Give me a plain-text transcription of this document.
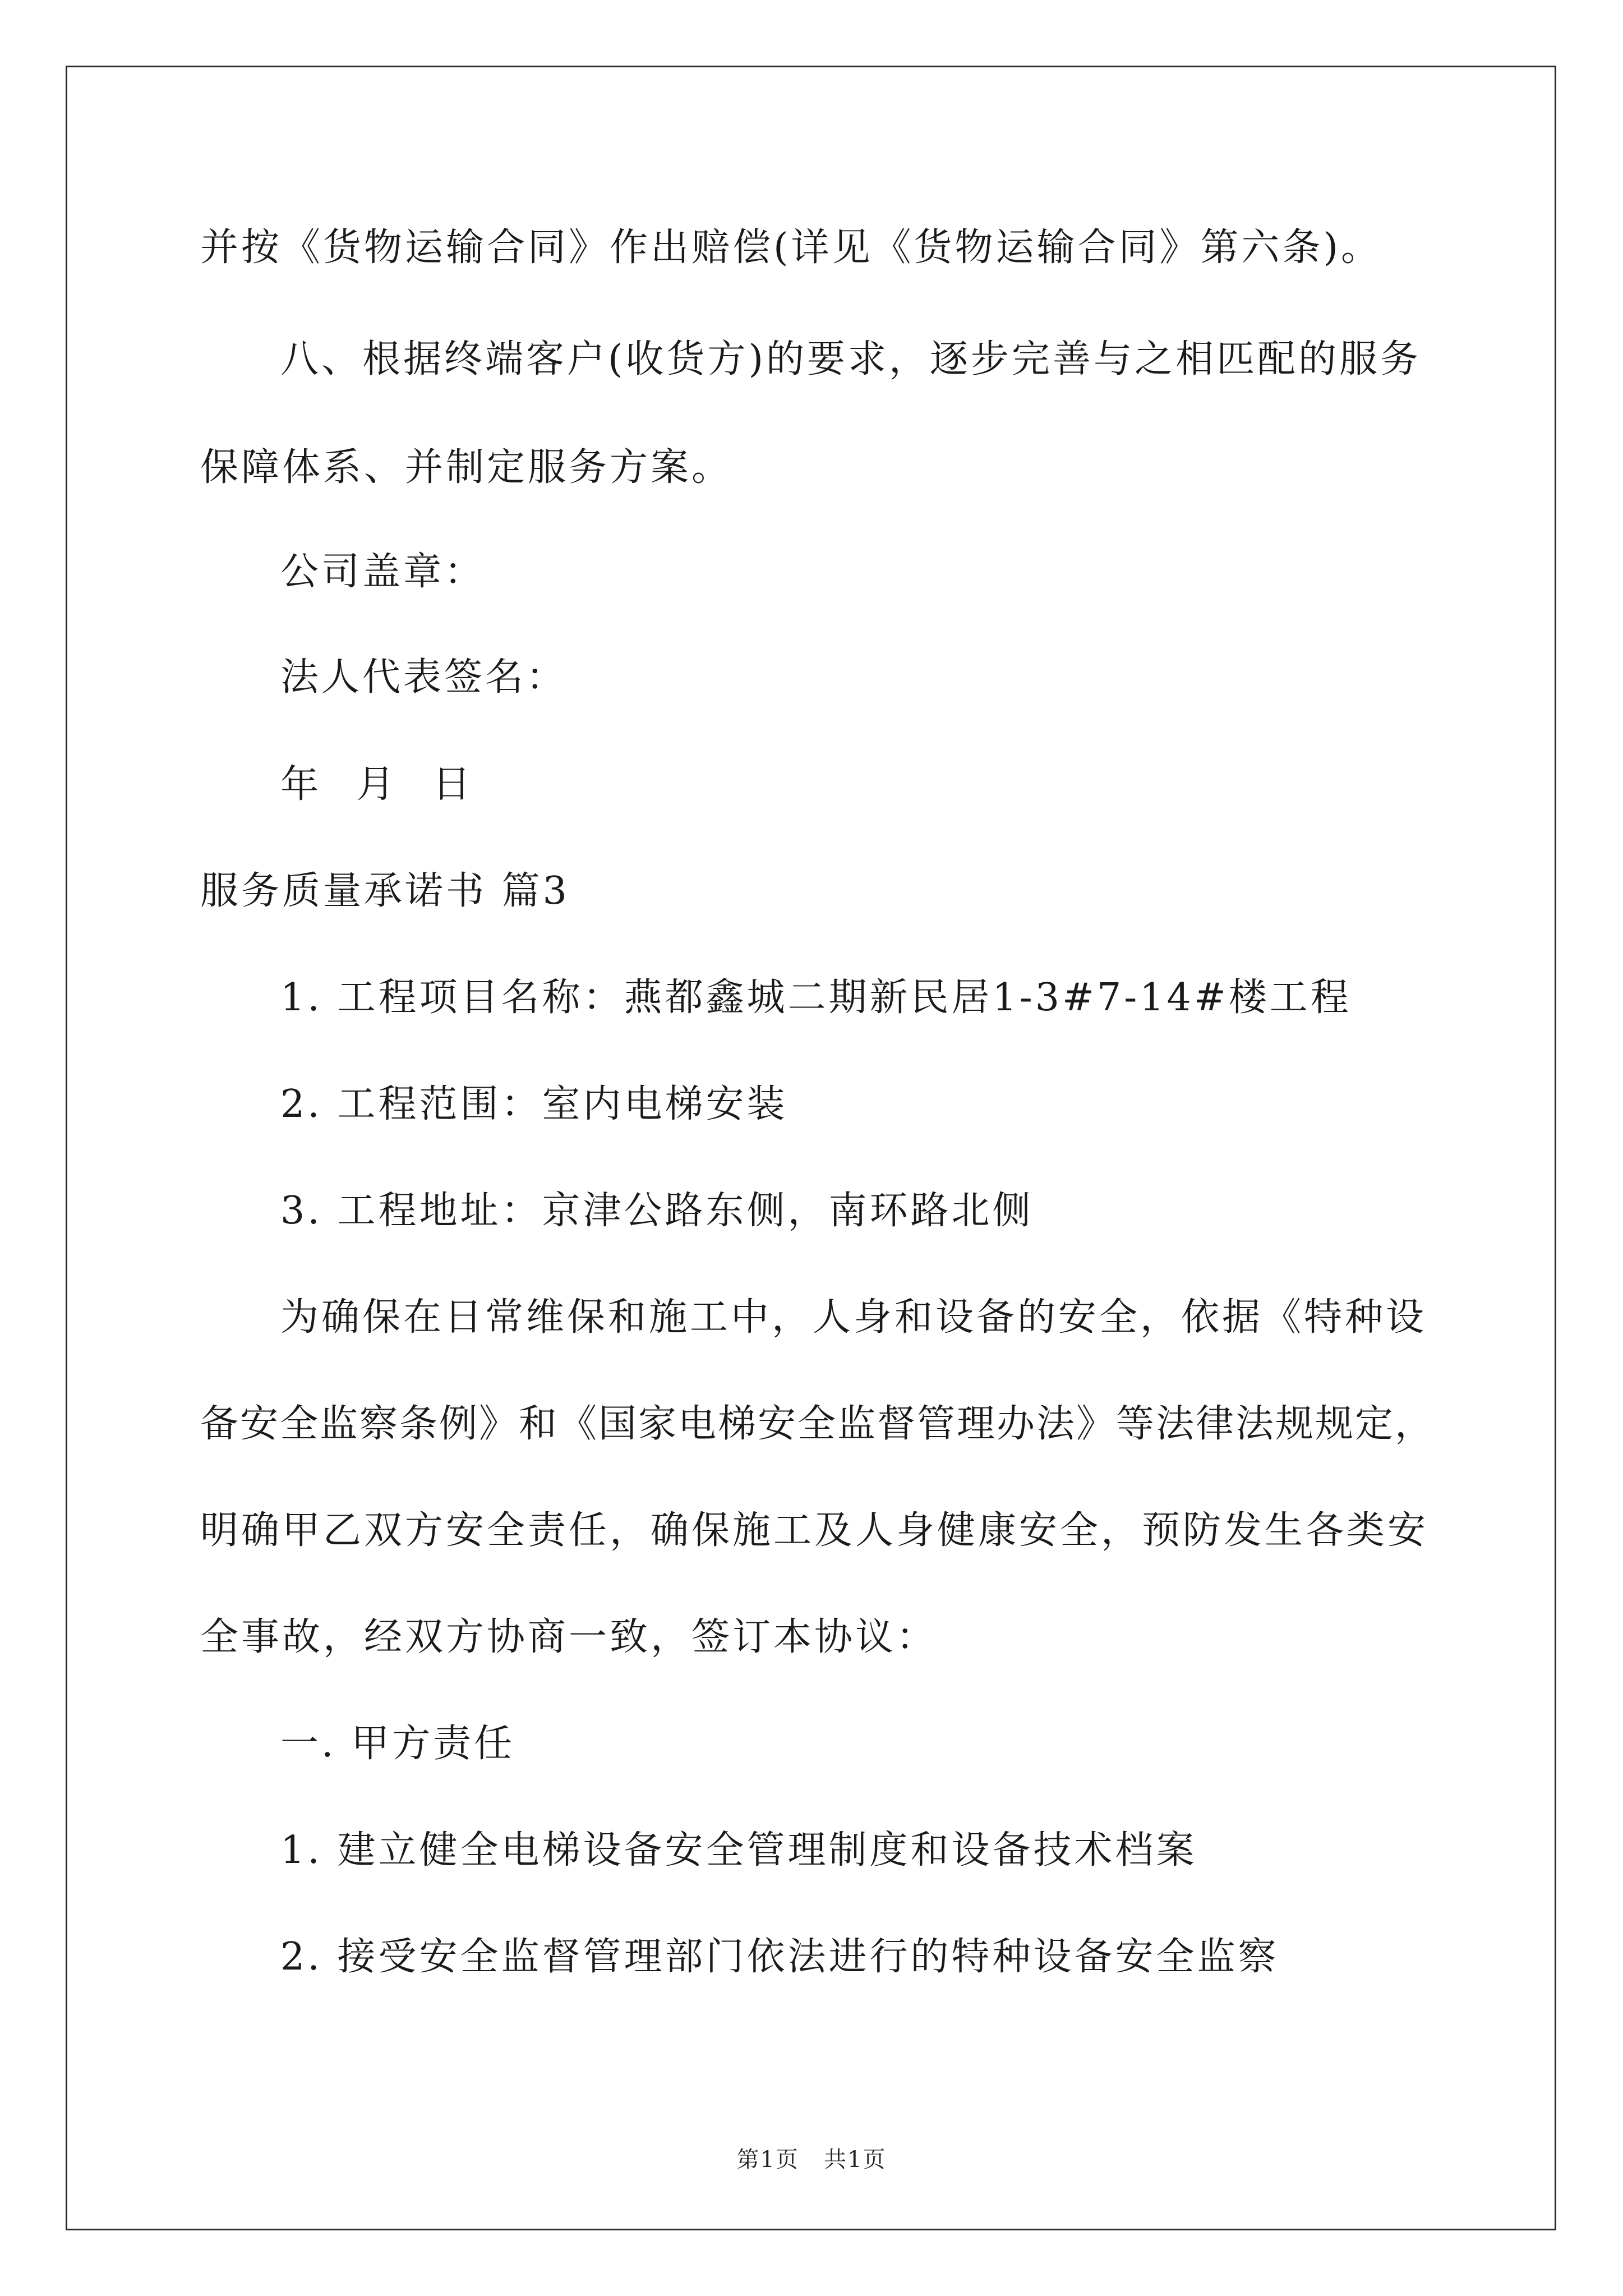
并按《货物运输合同》作出赔偿(详见《货物运输合同》第六条)。
八、根据终端客户(收货方)的要求，逐步完善与之相匹配的服务
保障体系、并制定服务方案。
公司盖章：
法人代表签名：
年 月 日
服务质量承诺书 篇3
1. 工程项目名称：燕都鑫城二期新民居1-3#7-14#楼工程
2. 工程范围：室内电梯安装
3. 工程地址：京津公路东侧，南环路北侧
为确保在日常维保和施工中，人身和设备的安全，依据《特种设
备安全监察条例》和《国家电梯安全监督管理办法》等法律法规规定，
明确甲乙双方安全责任，确保施工及人身健康安全，预防发生各类安
全事故，经双方协商一致，签订本协议：
一. 甲方责任
1. 建立健全电梯设备安全管理制度和设备技术档案
2. 接受安全监督管理部门依法进行的特种设备安全监察
第1页   共1页
